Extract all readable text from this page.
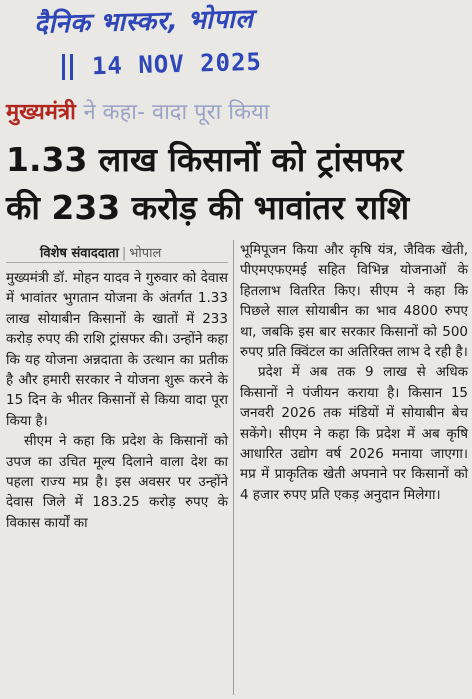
दैनिक भास्कर, भोपाल
14 NOV 2025
मुख्यमंत्री ने कहा- वादा पूरा किया
1.33 लाख किसानों को ट्रांसफर
की 233 करोड़ की भावांतर राशि
विशेष संवाददाता | भोपाल

मुख्यमंत्री डॉ. मोहन यादव ने गुरुवार को देवास में भावांतर भुगतान योजना के अंतर्गत 1.33 लाख सोयाबीन किसानों के खातों में 233 करोड़ रुपए की राशि ट्रांसफर की। उन्होंने कहा कि यह योजना अन्नदाता के उत्थान का प्रतीक है और हमारी सरकार ने योजना शुरू करने के 15 दिन के भीतर किसानों से किया वादा पूरा किया है।

सीएम ने कहा कि प्रदेश के किसानों को उपज का उचित मूल्य दिलाने वाला देश का पहला राज्य मप्र है। इस अवसर पर उन्होंने देवास जिले में 183.25 करोड़ रुपए के विकास कार्यों का

भूमिपूजन किया और कृषि यंत्र, जैविक खेती, पीएमएफएमई सहित विभिन्न योजनाओं के हितलाभ वितरित किए। सीएम ने कहा कि पिछले साल सोयाबीन का भाव 4800 रुपए था, जबकि इस बार सरकार किसानों को 500 रुपए प्रति क्विंटल का अतिरिक्त लाभ दे रही है।

प्रदेश में अब तक 9 लाख से अधिक किसानों ने पंजीयन कराया है। किसान 15 जनवरी 2026 तक मंडियों में सोयाबीन बेच सकेंगे। सीएम ने कहा कि प्रदेश में अब कृषि आधारित उद्योग वर्ष 2026 मनाया जाएगा। मप्र में प्राकृतिक खेती अपनाने पर किसानों को 4 हजार रुपए प्रति एकड़ अनुदान मिलेगा।
